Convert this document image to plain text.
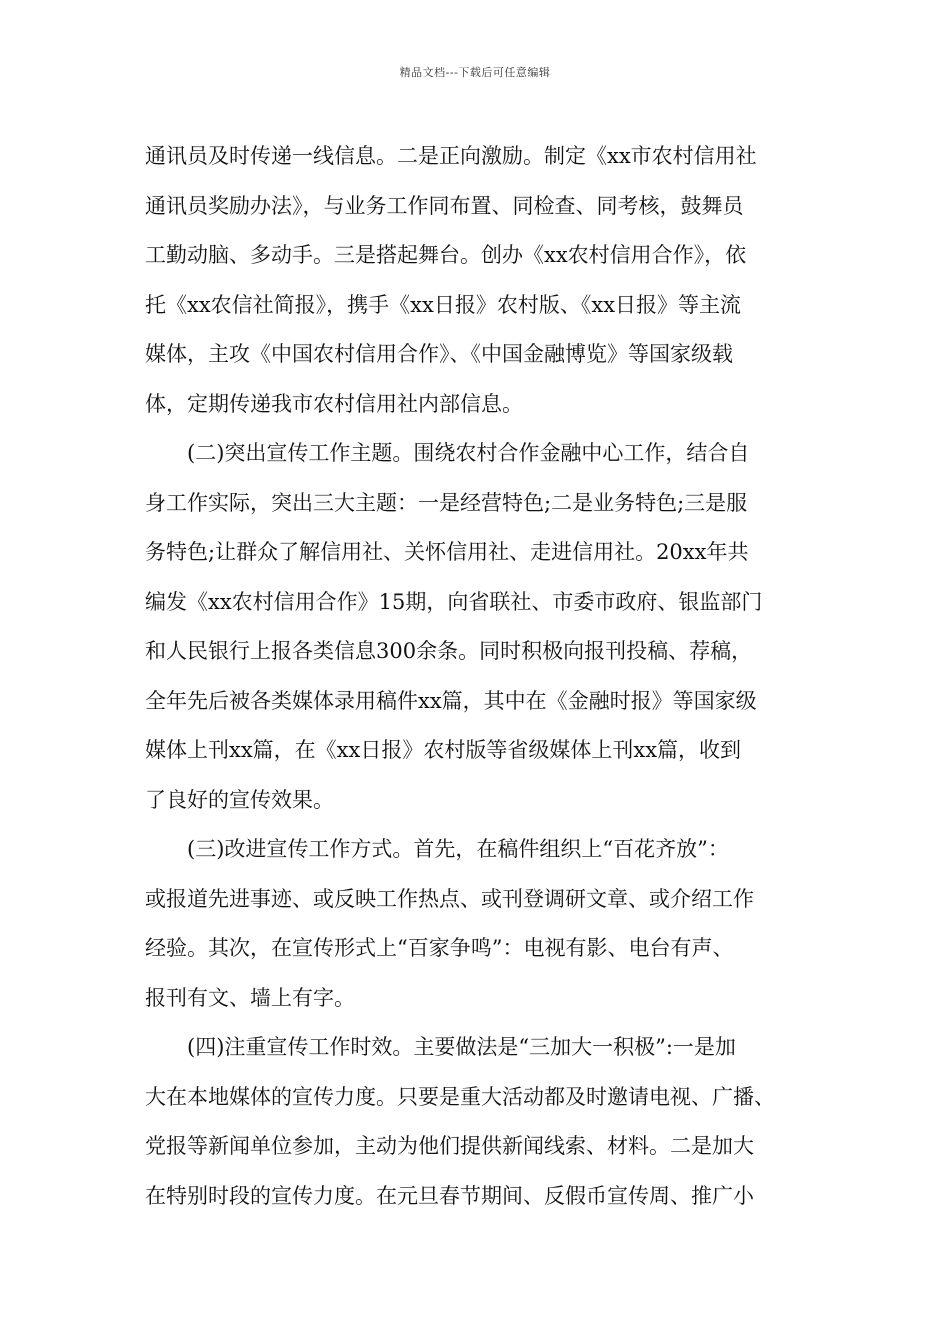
精品文档---下载后可任意编辑
通讯员及时传递一线信息。二是正向激励。制定《xx市农村信用社
通讯员奖励办法》，与业务工作同布置、同检查、同考核，鼓舞员
工勤动脑、多动手。三是搭起舞台。创办《xx农村信用合作》，依
托《xx农信社简报》，携手《xx日报》农村版、《xx日报》等主流
媒体，主攻《中国农村信用合作》、《中国金融博览》等国家级载
体，定期传递我市农村信用社内部信息。
(二)突出宣传工作主题。围绕农村合作金融中心工作，结合自
身工作实际，突出三大主题：一是经营特色;二是业务特色;三是服
务特色;让群众了解信用社、关怀信用社、走进信用社。20xx年共
编发《xx农村信用合作》15期，向省联社、市委市政府、银监部门
和人民银行上报各类信息300余条。同时积极向报刊投稿、荐稿，
全年先后被各类媒体录用稿件xx篇，其中在《金融时报》等国家级
媒体上刊xx篇，在《xx日报》农村版等省级媒体上刊xx篇，收到
了良好的宣传效果。
(三)改进宣传工作方式。首先，在稿件组织上“百花齐放”：
或报道先进事迹、或反映工作热点、或刊登调研文章、或介绍工作
经验。其次，在宣传形式上“百家争鸣”：电视有影、电台有声、
报刊有文、墙上有字。
(四)注重宣传工作时效。主要做法是“三加大一积极”:一是加
大在本地媒体的宣传力度。只要是重大活动都及时邀请电视、广播、
党报等新闻单位参加，主动为他们提供新闻线索、材料。二是加大
在特别时段的宣传力度。在元旦春节期间、反假币宣传周、推广小
